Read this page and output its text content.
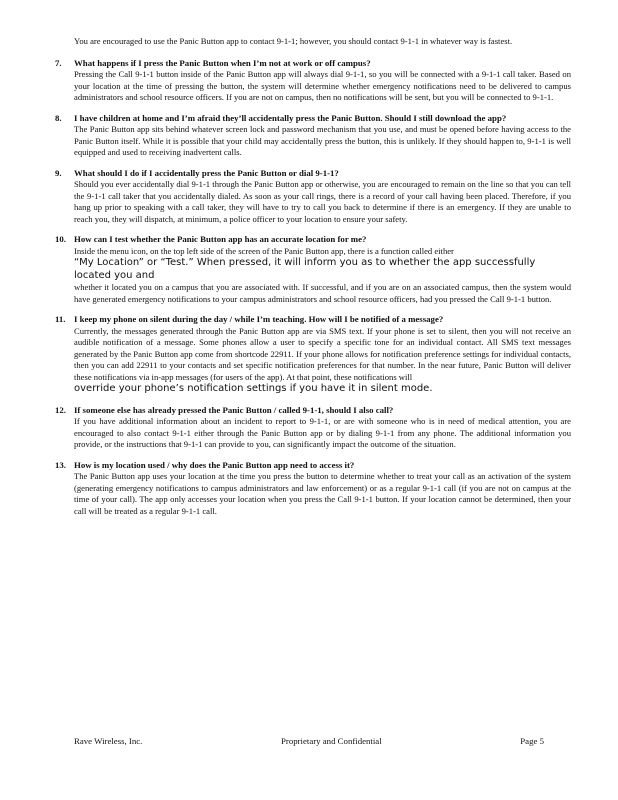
You are encouraged to use the Panic Button app to contact 9-1-1; however, you should contact 9-1-1 in whatever way is fastest.
7.	What happens if I press the Panic Button when I’m not at work or off campus?
Pressing the Call 9-1-1 button inside of the Panic Button app will always dial 9-1-1, so you will be connected with a 9-1-1 call taker. Based on your location at the time of pressing the button, the system will determine whether emergency notifications need to be delivered to campus administrators and school resource officers. If you are not on campus, then no notifications will be sent, but you will be connected to 9-1-1.
8.	I have children at home and I’m afraid they’ll accidentally press the Panic Button. Should I still download the app?
The Panic Button app sits behind whatever screen lock and password mechanism that you use, and must be opened before having access to the Panic Button itself. While it is possible that your child may accidentally press the button, this is unlikely. If they should happen to, 9-1-1 is well equipped and used to receiving inadvertent calls.
9.	What should I do if I accidentally press the Panic Button or dial 9-1-1?
Should you ever accidentally dial 9-1-1 through the Panic Button app or otherwise, you are encouraged to remain on the line so that you can tell the 9-1-1 call taker that you accidentally dialed. As soon as your call rings, there is a record of your call having been placed. Therefore, if you hang up prior to speaking with a call taker, they will have to try to call you back to determine if there is an emergency. If they are unable to reach you, they will dispatch, at minimum, a police officer to your location to ensure your safety.
10. How can I test whether the Panic Button app has an accurate location for me?
Inside the menu icon, on the top left side of the screen of the Panic Button app, there is a function called either
“My Location” or “Test.” When pressed, it will inform you as to whether the app successfully located you and
whether it located you on a campus that you are associated with. If successful, and if you are on an associated campus, then the system would have generated emergency notifications to your campus administrators and school resource officers, had you pressed the Call 9-1-1 button.
11. I keep my phone on silent during the day / while I’m teaching. How will I be notified of a message?
Currently, the messages generated through the Panic Button app are via SMS text. If your phone is set to silent, then you will not receive an audible notification of a message. Some phones allow a user to specify a specific tone for an individual contact. All SMS text messages generated by the Panic Button app come from shortcode 22911. If your phone allows for notification preference settings for individual contacts, then you can add 22911 to your contacts and set specific notification preferences for that number. In the near future, Panic Button will deliver these notifications via in-app messages (for users of the app). At that point, these notifications will
override your phone’s notification settings if you have it in silent mode.
12. If someone else has already pressed the Panic Button / called 9-1-1, should I also call?
If you have additional information about an incident to report to 9-1-1, or are with someone who is in need of medical attention, you are encouraged to also contact 9-1-1 either through the Panic Button app or by dialing 9-1-1 from any phone. The additional information you provide, or the instructions that 9-1-1 can provide to you, can significantly impact the outcome of the situation.
13. How is my location used / why does the Panic Button app need to access it?
The Panic Button app uses your location at the time you press the button to determine whether to treat your call as an activation of the system (generating emergency notifications to campus administrators and law enforcement) or as a regular 9-1-1 call (if you are not on campus at the time of your call). The app only accesses your location when you press the Call 9-1-1 button. If your location cannot be determined, then your call will be treated as a regular 9-1-1 call.
Rave Wireless, Inc.	Proprietary and Confidential	Page 5
